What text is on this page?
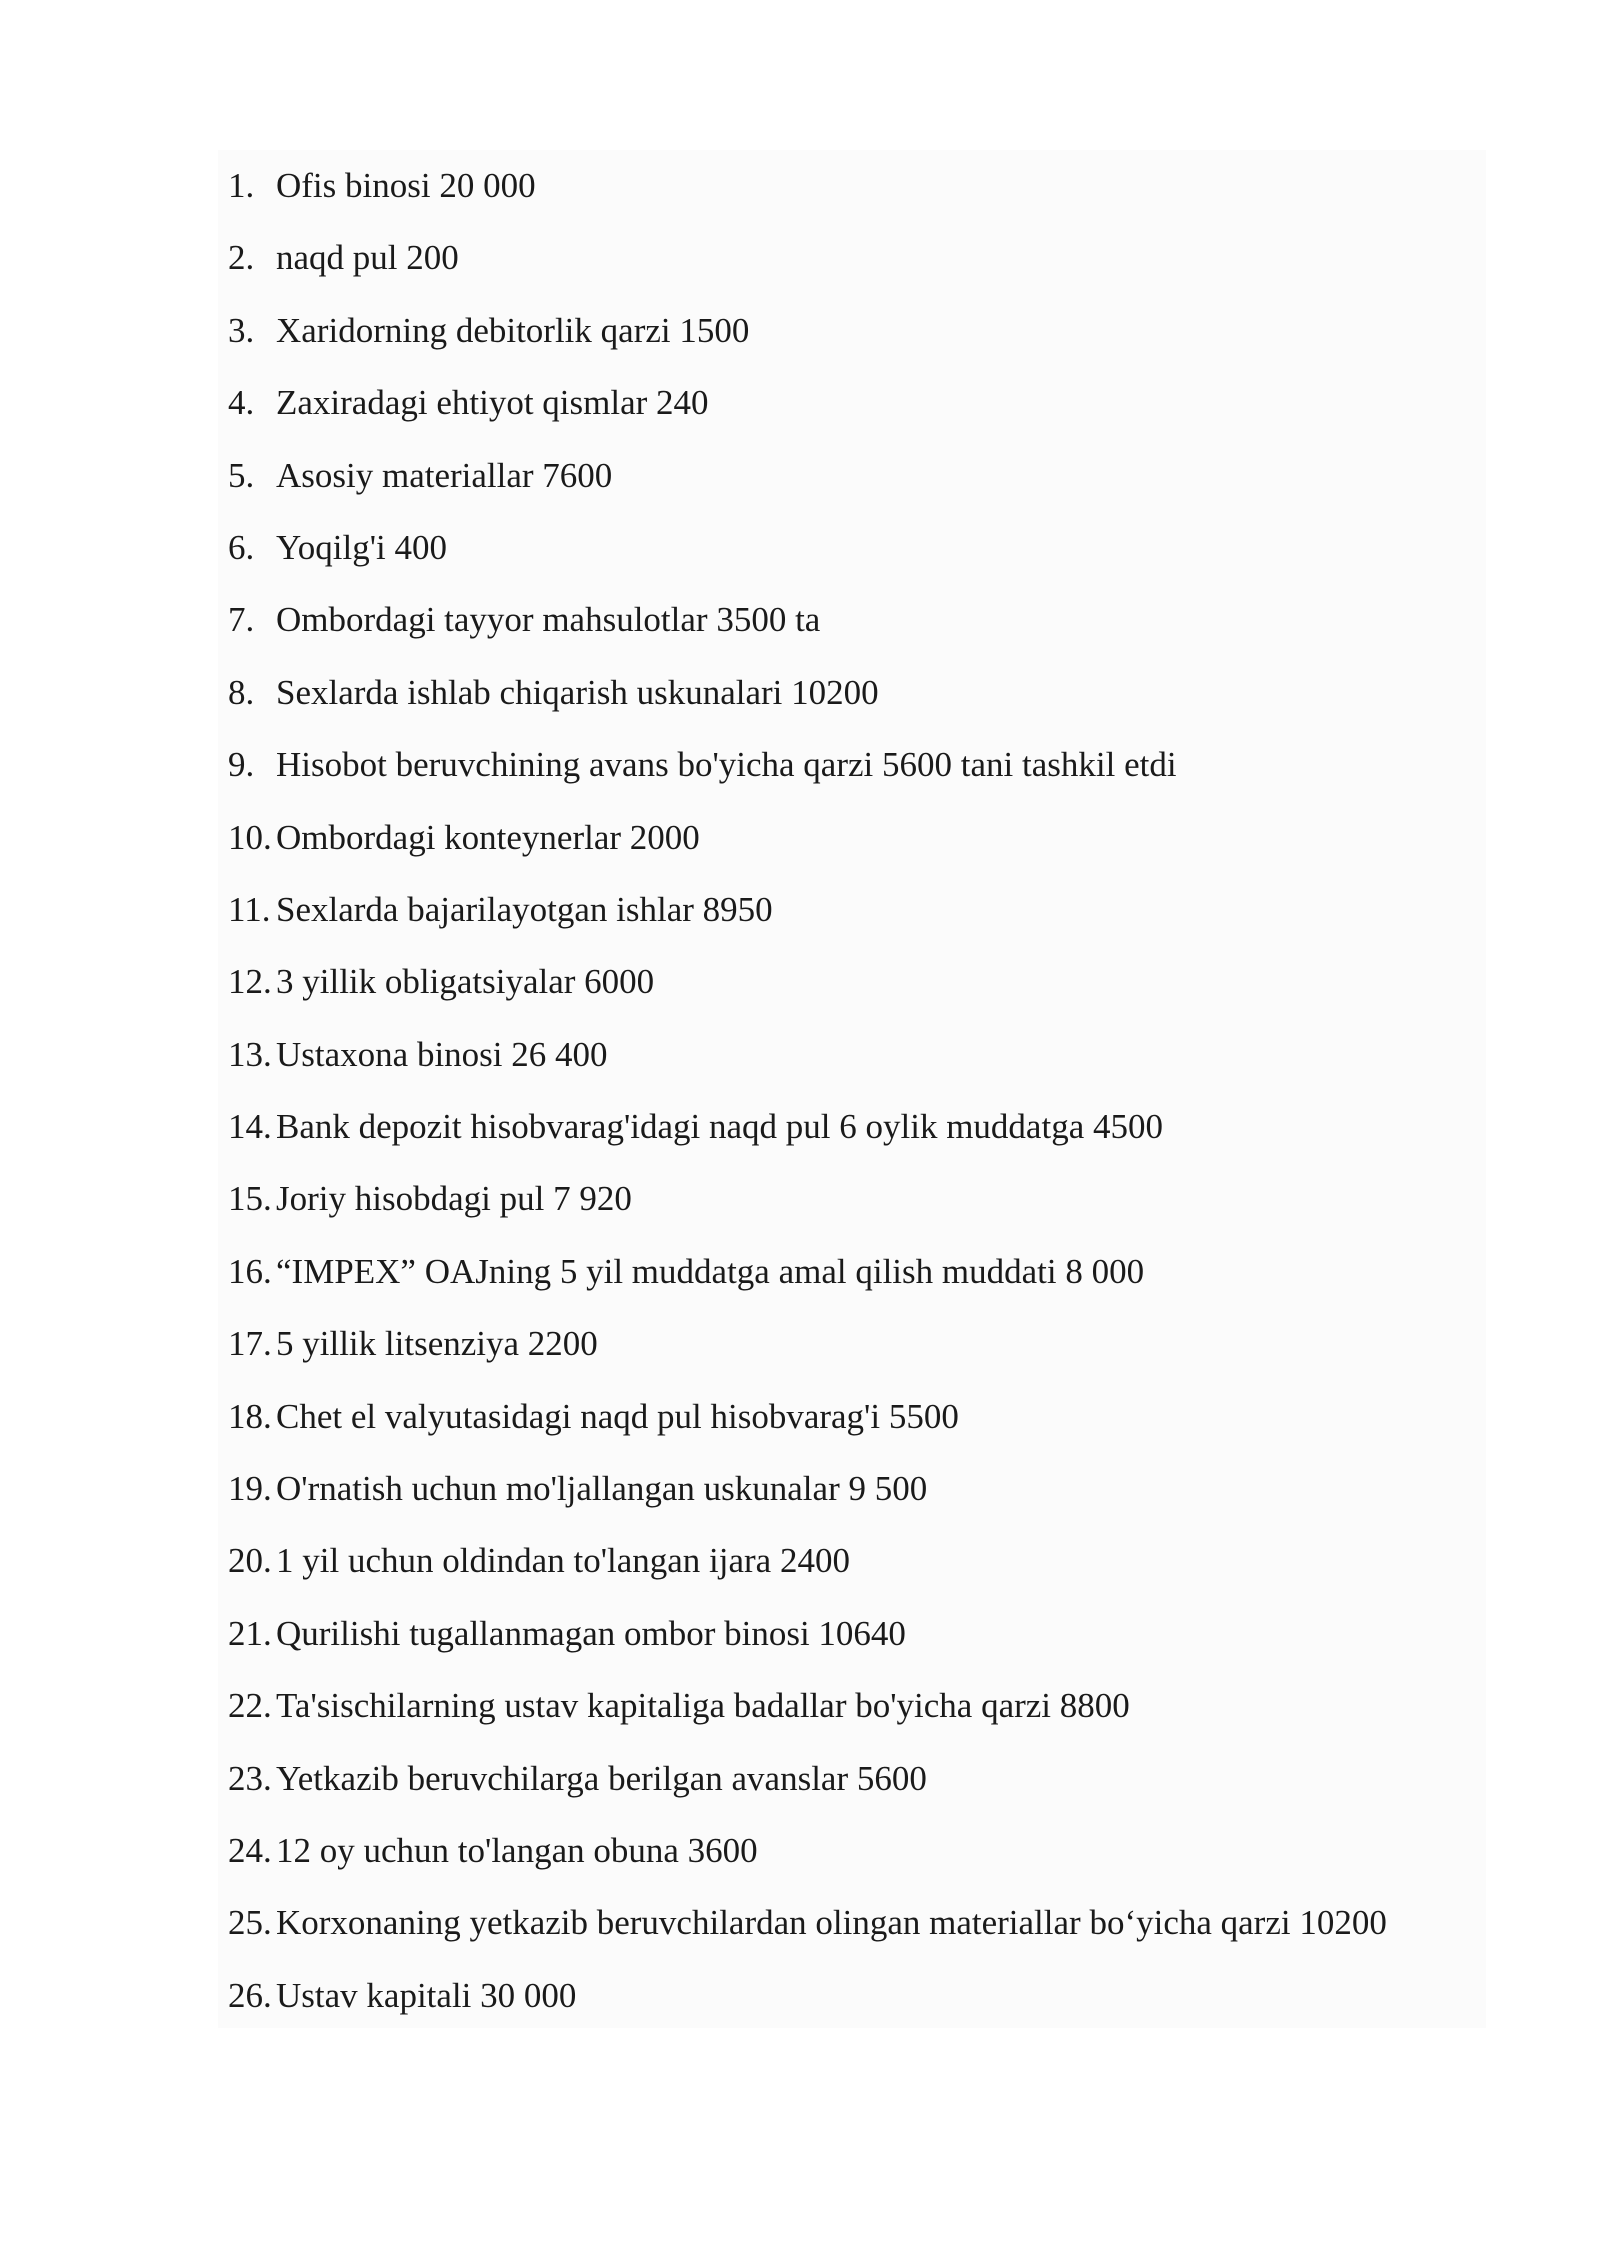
1. Ofis binosi 20 000
2. naqd pul 200
3. Xaridorning debitorlik qarzi 1500
4. Zaxiradagi ehtiyot qismlar 240
5. Asosiy materiallar 7600
6. Yoqilg'i 400
7. Ombordagi tayyor mahsulotlar 3500 ta
8. Sexlarda ishlab chiqarish uskunalari 10200
9. Hisobot beruvchining avans bo'yicha qarzi 5600 tani tashkil etdi
10. Ombordagi konteynerlar 2000
11. Sexlarda bajarilayotgan ishlar 8950
12. 3 yillik obligatsiyalar 6000
13. Ustaxona binosi 26 400
14. Bank depozit hisobvarag'idagi naqd pul 6 oylik muddatga 4500
15. Joriy hisobdagi pul 7 920
16. “IMPEX” OAJning 5 yil muddatga amal qilish muddati 8 000
17. 5 yillik litsenziya 2200
18. Chet el valyutasidagi naqd pul hisobvarag'i 5500
19. O'rnatish uchun mo'ljallangan uskunalar 9 500
20. 1 yil uchun oldindan to'langan ijara 2400
21. Qurilishi tugallanmagan ombor binosi 10640
22. Ta'sischilarning ustav kapitaliga badallar bo'yicha qarzi 8800
23. Yetkazib beruvchilarga berilgan avanslar 5600
24. 12 oy uchun to'langan obuna 3600
25. Korxonaning yetkazib beruvchilardan olingan materiallar bo‘yicha qarzi 10200
26. Ustav kapitali 30 000
